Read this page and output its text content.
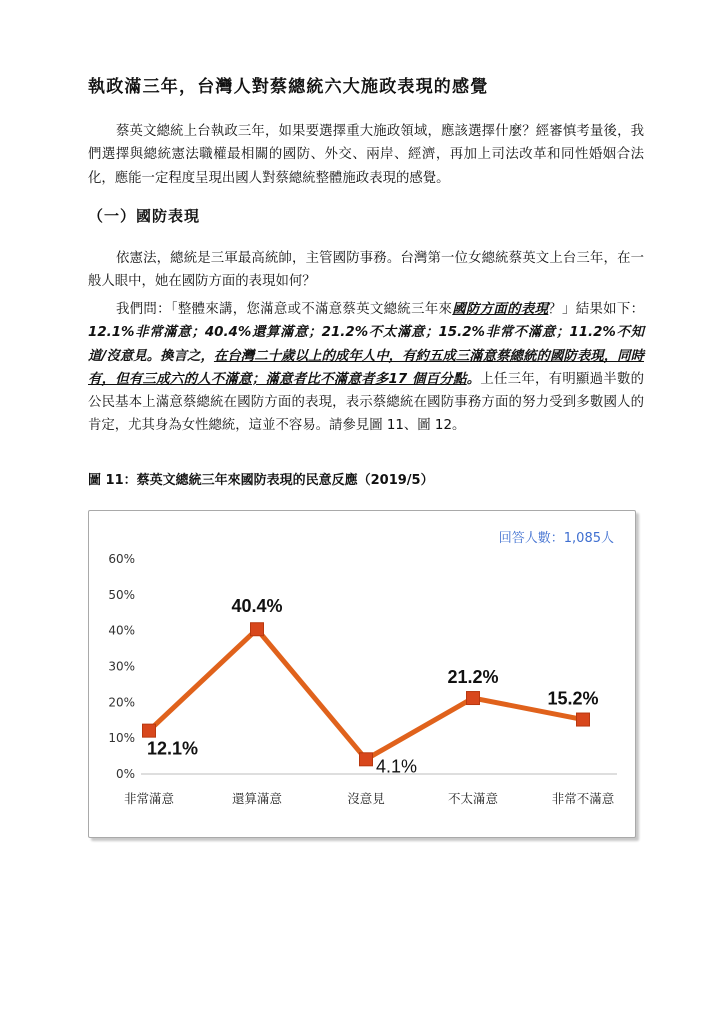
執政滿三年，台灣人對蔡總統六大施政表現的感覺

蔡英文總統上台執政三年，如果要選擇重大施政領域，應該選擇什麼？經審慎考量後，我們選擇與總統憲法職權最相關的國防、外交、兩岸、經濟，再加上司法改革和同性婚姻合法化，應能一定程度呈現出國人對蔡總統整體施政表現的感覺。

（一）國防表現

依憲法，總統是三軍最高統帥，主管國防事務。台灣第一位女總統蔡英文上台三年，在一般人眼中，她在國防方面的表現如何？

我們問：「整體來講，您滿意或不滿意蔡英文總統三年來國防方面的表現？」結果如下：12.1%非常滿意；40.4%還算滿意；21.2%不太滿意；15.2%非常不滿意；11.2%不知道/沒意見。換言之，在台灣二十歲以上的成年人中，有約五成三滿意蔡總統的國防表現，同時有，但有三成六的人不滿意；滿意者比不滿意者多17 個百分點。上任三年，有明顯過半數的公民基本上滿意蔡總統在國防方面的表現，表示蔡總統在國防事務方面的努力受到多數國人的肯定，尤其身為女性總統，這並不容易。請參見圖 11、圖 12。

圖 11：蔡英文總統三年來國防表現的民意反應（2019/5）
回答人數：1,085人
0%
10%
20%
30%
40%
50%
60%
非常滿意	還算滿意	沒意見	不太滿意	非常不滿意
12.1%
40.4%
4.1%
21.2%
15.2%
